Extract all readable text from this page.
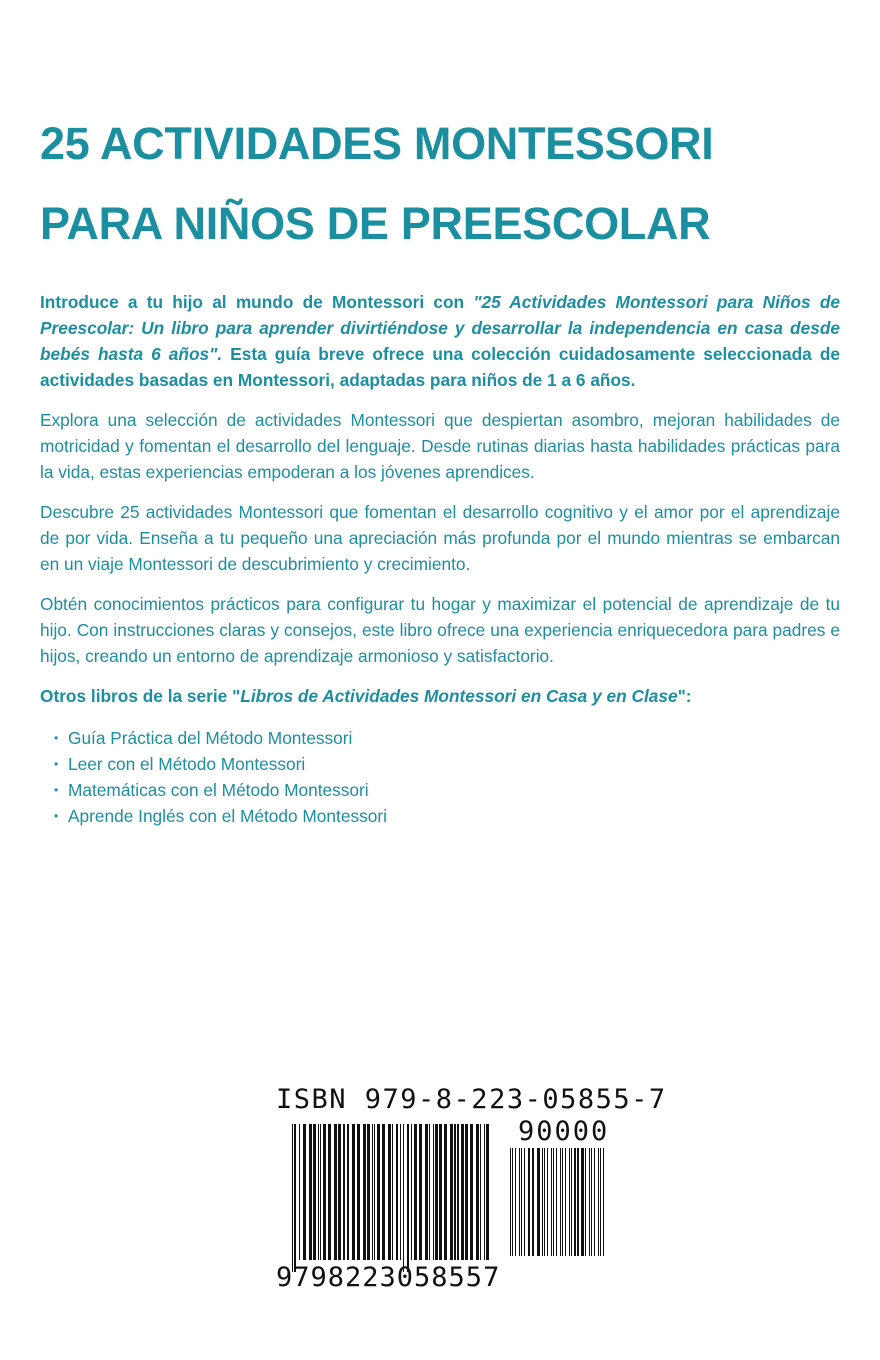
25 ACTIVIDADES MONTESSORI
PARA NIÑOS DE PREESCOLAR

Introduce a tu hijo al mundo de Montessori con "25 Actividades Montessori para Niños de Preescolar: Un libro para aprender divirtiéndose y desarrollar la independencia en casa desde bebés hasta 6 años". Esta guía breve ofrece una colección cuidadosamente seleccionada de actividades basadas en Montessori, adaptadas para niños de 1 a 6 años.

Explora una selección de actividades Montessori que despiertan asombro, mejoran habilidades de motricidad y fomentan el desarrollo del lenguaje. Desde rutinas diarias hasta habilidades prácticas para la vida, estas experiencias empoderan a los jóvenes aprendices.

Descubre 25 actividades Montessori que fomentan el desarrollo cognitivo y el amor por el aprendizaje de por vida. Enseña a tu pequeño una apreciación más profunda por el mundo mientras se embarcan en un viaje Montessori de descubrimiento y crecimiento.

Obtén conocimientos prácticos para configurar tu hogar y maximizar el potencial de aprendizaje de tu hijo. Con instrucciones claras y consejos, este libro ofrece una experiencia enriquecedora para padres e hijos, creando un entorno de aprendizaje armonioso y satisfactorio.

Otros libros de la serie "Libros de Actividades Montessori en Casa y en Clase":

• Guía Práctica del Método Montessori
• Leer con el Método Montessori
• Matemáticas con el Método Montessori
• Aprende Inglés con el Método Montessori
ISBN 979-8-223-05855-7
90000
9798223058557
